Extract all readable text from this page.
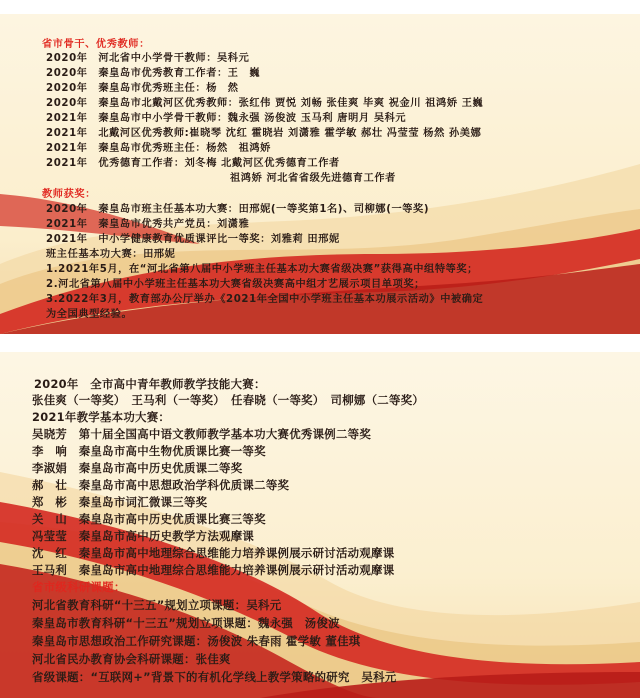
省市骨干、优秀教师：
2020年　河北省中小学骨干教师：吴科元
2020年　秦皇岛市优秀教育工作者：王　巍
2020年　秦皇岛市优秀班主任：杨　然
2020年　秦皇岛市北戴河区优秀教师：张红伟 贾悦 刘畅 张佳爽 毕爽 祝金川 祖鸿娇 王巍
2021年　秦皇岛市中小学骨干教师：魏永强 汤俊波 玉马利 唐明月 吴科元
2021年　北戴河区优秀教师:崔晓琴 沈红 霍晓岩 刘潇雅 霍学敏 郝壮 冯莹莹 杨然 孙美娜
2021年　秦皇岛市优秀班主任：杨然　祖鸿娇
2021年　优秀德育工作者：刘冬梅 北戴河区优秀德育工作者
祖鸿娇 河北省省级先进德育工作者
教师获奖：
2020年　秦皇岛市班主任基本功大赛：田邢妮(一等奖第1名)、司柳娜(一等奖)
2021年　秦皇岛市优秀共产党员：刘潇雅
2021年　中小学健康教育优质课评比一等奖：刘雅莉 田邢妮
班主任基本功大赛：田邢妮
1.2021年5月，在“河北省第八届中小学班主任基本功大赛省级决赛”获得高中组特等奖；
2.河北省第八届中小学班主任基本功大赛省级决赛高中组才艺展示项目单项奖；
3.2022年3月，教育部办公厅举办《2021年全国中小学班主任基本功展示活动》中被确定
为全国典型经验。
2020年　全市高中青年教师教学技能大赛：
张佳爽（一等奖）　王马利（一等奖）　任春晓（一等奖）　司柳娜（二等奖）
2021年教学基本功大赛：
吴晓芳　第十届全国高中语文教师教学基本功大赛优秀课例二等奖
李　响　秦皇岛市高中生物优质课比赛一等奖
李淑娟　秦皇岛市高中历史优质课二等奖
郝　壮　秦皇岛市高中思想政治学科优质课二等奖
郑　彬　秦皇岛市词汇微课三等奖
关　山　秦皇岛市高中历史优质课比赛三等奖
冯莹莹　秦皇岛市高中历史教学方法观摩课
沈　红　秦皇岛市高中地理综合思维能力培养课例展示研讨活动观摩课
王马利　秦皇岛市高中地理综合思维能力培养课例展示研讨活动观摩课
省市级科研课题：
河北省教育科研“十三五”规划立项课题：吴科元
秦皇岛市教育科研“十三五”规划立项课题：魏永强　汤俊波
秦皇岛市思想政治工作研究课题：汤俊波 朱春雨 霍学敏 董佳琪
河北省民办教育协会科研课题：张佳爽
省级课题：“互联网+”背景下的有机化学线上教学策略的研究　吴科元
